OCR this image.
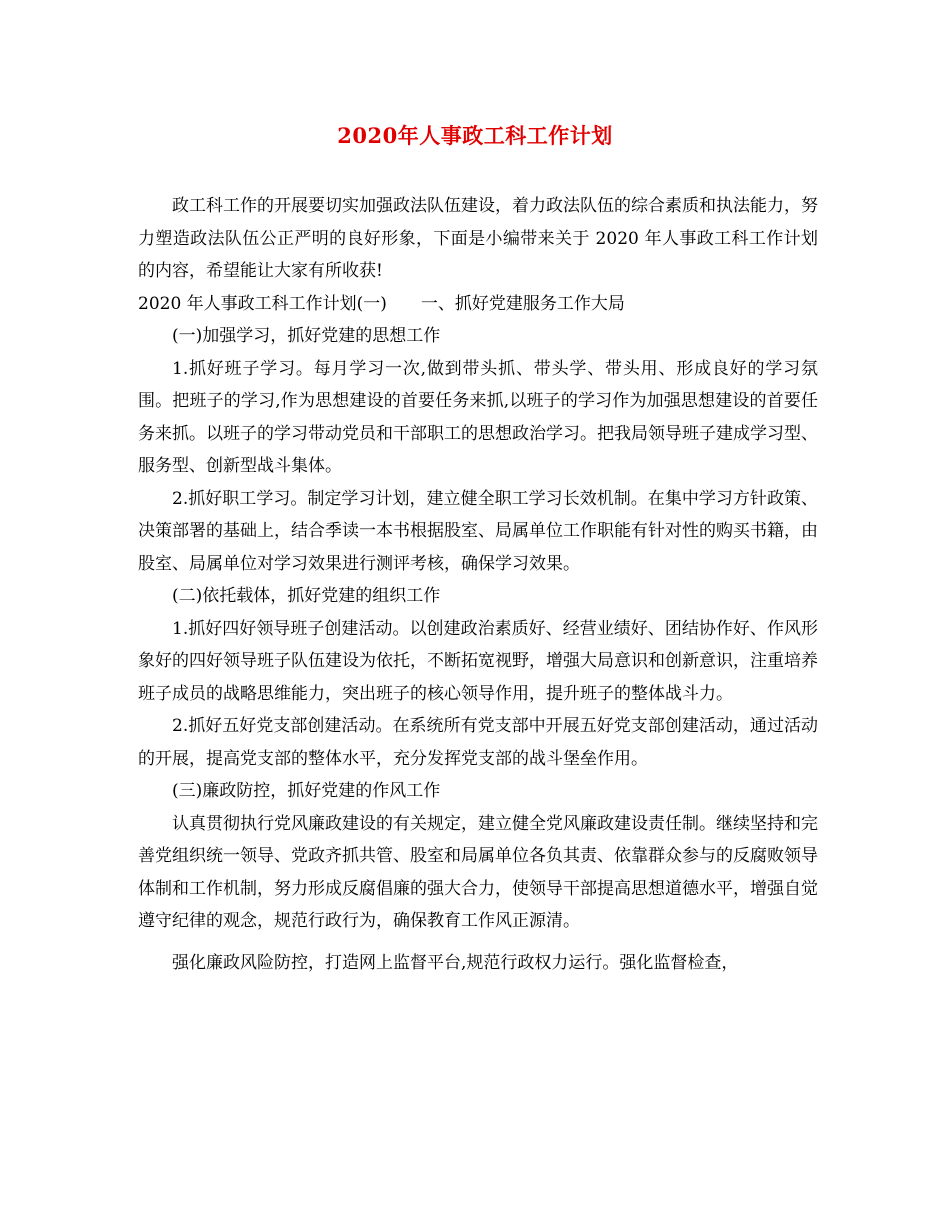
2020年人事政工科工作计划

政工科工作的开展要切实加强政法队伍建设，着力政法队伍的综合素质和执法能力，努力塑造政法队伍公正严明的良好形象，下面是小编带来关于 2020 年人事政工科工作计划的内容，希望能让大家有所收获!

2020 年人事政工科工作计划(一)　　一、抓好党建服务工作大局

(一)加强学习，抓好党建的思想工作

1.抓好班子学习。每月学习一次,做到带头抓、带头学、带头用、形成良好的学习氛围。把班子的学习,作为思想建设的首要任务来抓,以班子的学习作为加强思想建设的首要任务来抓。以班子的学习带动党员和干部职工的思想政治学习。把我局领导班子建成学习型、服务型、创新型战斗集体。

2.抓好职工学习。制定学习计划，建立健全职工学习长效机制。在集中学习方针政策、决策部署的基础上，结合季读一本书根据股室、局属单位工作职能有针对性的购买书籍，由股室、局属单位对学习效果进行测评考核，确保学习效果。

(二)依托载体，抓好党建的组织工作

1.抓好四好领导班子创建活动。以创建政治素质好、经营业绩好、团结协作好、作风形象好的四好领导班子队伍建设为依托，不断拓宽视野，增强大局意识和创新意识，注重培养班子成员的战略思维能力，突出班子的核心领导作用，提升班子的整体战斗力。

2.抓好五好党支部创建活动。在系统所有党支部中开展五好党支部创建活动，通过活动的开展，提高党支部的整体水平，充分发挥党支部的战斗堡垒作用。

(三)廉政防控，抓好党建的作风工作

认真贯彻执行党风廉政建设的有关规定，建立健全党风廉政建设责任制。继续坚持和完善党组织统一领导、党政齐抓共管、股室和局属单位各负其责、依靠群众参与的反腐败领导体制和工作机制，努力形成反腐倡廉的强大合力，使领导干部提高思想道德水平，增强自觉遵守纪律的观念，规范行政行为，确保教育工作风正源清。

强化廉政风险防控，打造网上监督平台,规范行政权力运行。强化监督检查，
